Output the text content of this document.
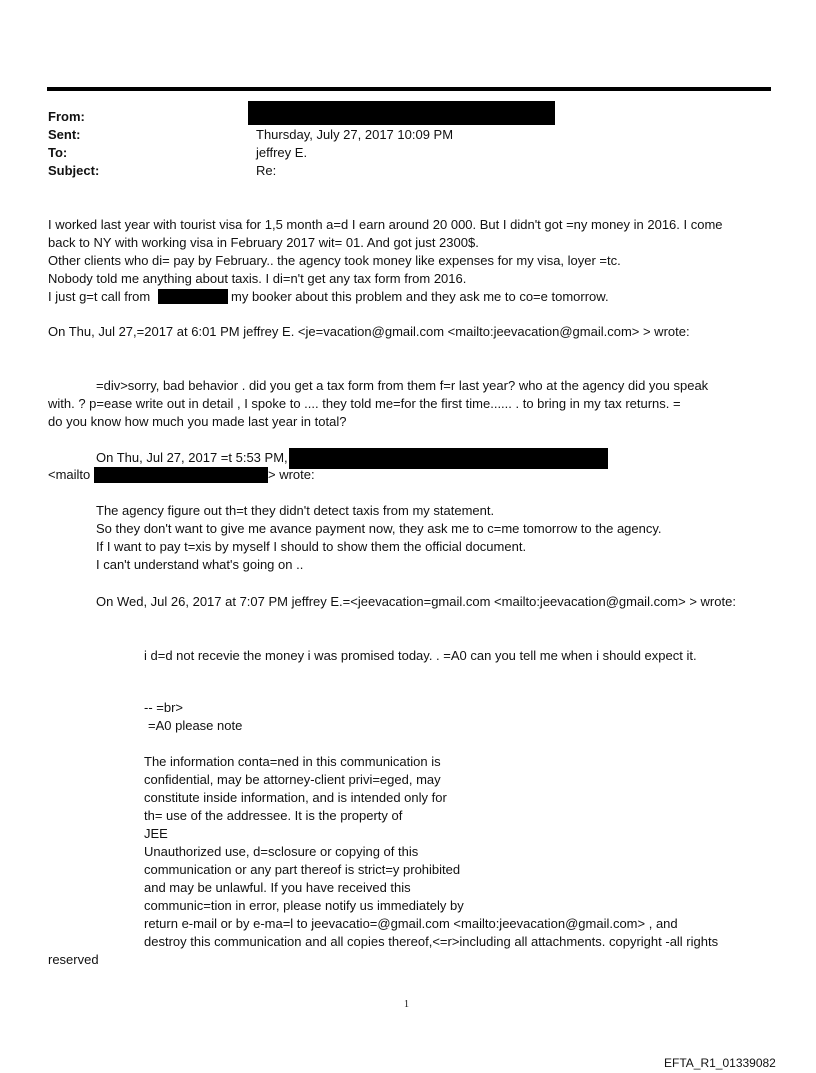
From:
Sent:
To:
Subject:
Thursday, July 27, 2017 10:09 PM
jeffrey E.
Re:
I worked last year with tourist visa for 1,5 month a=d I earn around 20 000. But I didn't got =ny money in 2016. I come
back to NY with working visa in February 2017 wit= 01. And got just 2300$.
Other clients who di= pay by February.. the agency took money like expenses for my visa, loyer =tc.
Nobody told me anything about taxis. I di=n't get any tax form from 2016.
I just g=t call from	my booker about this problem and they ask me to co=e tomorrow.
On Thu, Jul 27,=2017 at 6:01 PM jeffrey E. <je=vacation@gmail.com <mailto:jeevacation@gmail.com> > wrote:
=div>sorry, bad behavior . did you get a tax form from them f=r last year? who at the agency did you speak
with. ? p=ease write out in detail , I spoke to .... they told me=for the first time...... . to bring in my tax returns. =
do you know how much you made last year in total?
On Thu, Jul 27, 2017 =t 5:53 PM,
<mailto	> wrote:
The agency figure out th=t they didn't detect taxis from my statement.
So they don't want to give me avance payment now, they ask me to c=me tomorrow to the agency.
If I want to pay t=xis by myself I should to show them the official document.
I can't understand what's going on ..
On Wed, Jul 26, 2017 at 7:07 PM jeffrey E.=<jeevacation=gmail.com <mailto:jeevacation@gmail.com> > wrote:
i d=d not recevie the money i was promised today. . =A0 can you tell me when i should expect it.
-- =br>
=A0 please note
The information conta=ned in this communication is
confidential, may be attorney-client privi=eged, may
constitute inside information, and is intended only for
th= use of the addressee. It is the property of
JEE
Unauthorized use, d=sclosure or copying of this
communication or any part thereof is strict=y prohibited
and may be unlawful. If you have received this
communic=tion in error, please notify us immediately by
return e-mail or by e-ma=l to jeevacatio=@gmail.com <mailto:jeevacation@gmail.com> , and
destroy this communication and all copies thereof,<=r>including all attachments. copyright -all rights
reserved
1
EFTA_R1_01339082
